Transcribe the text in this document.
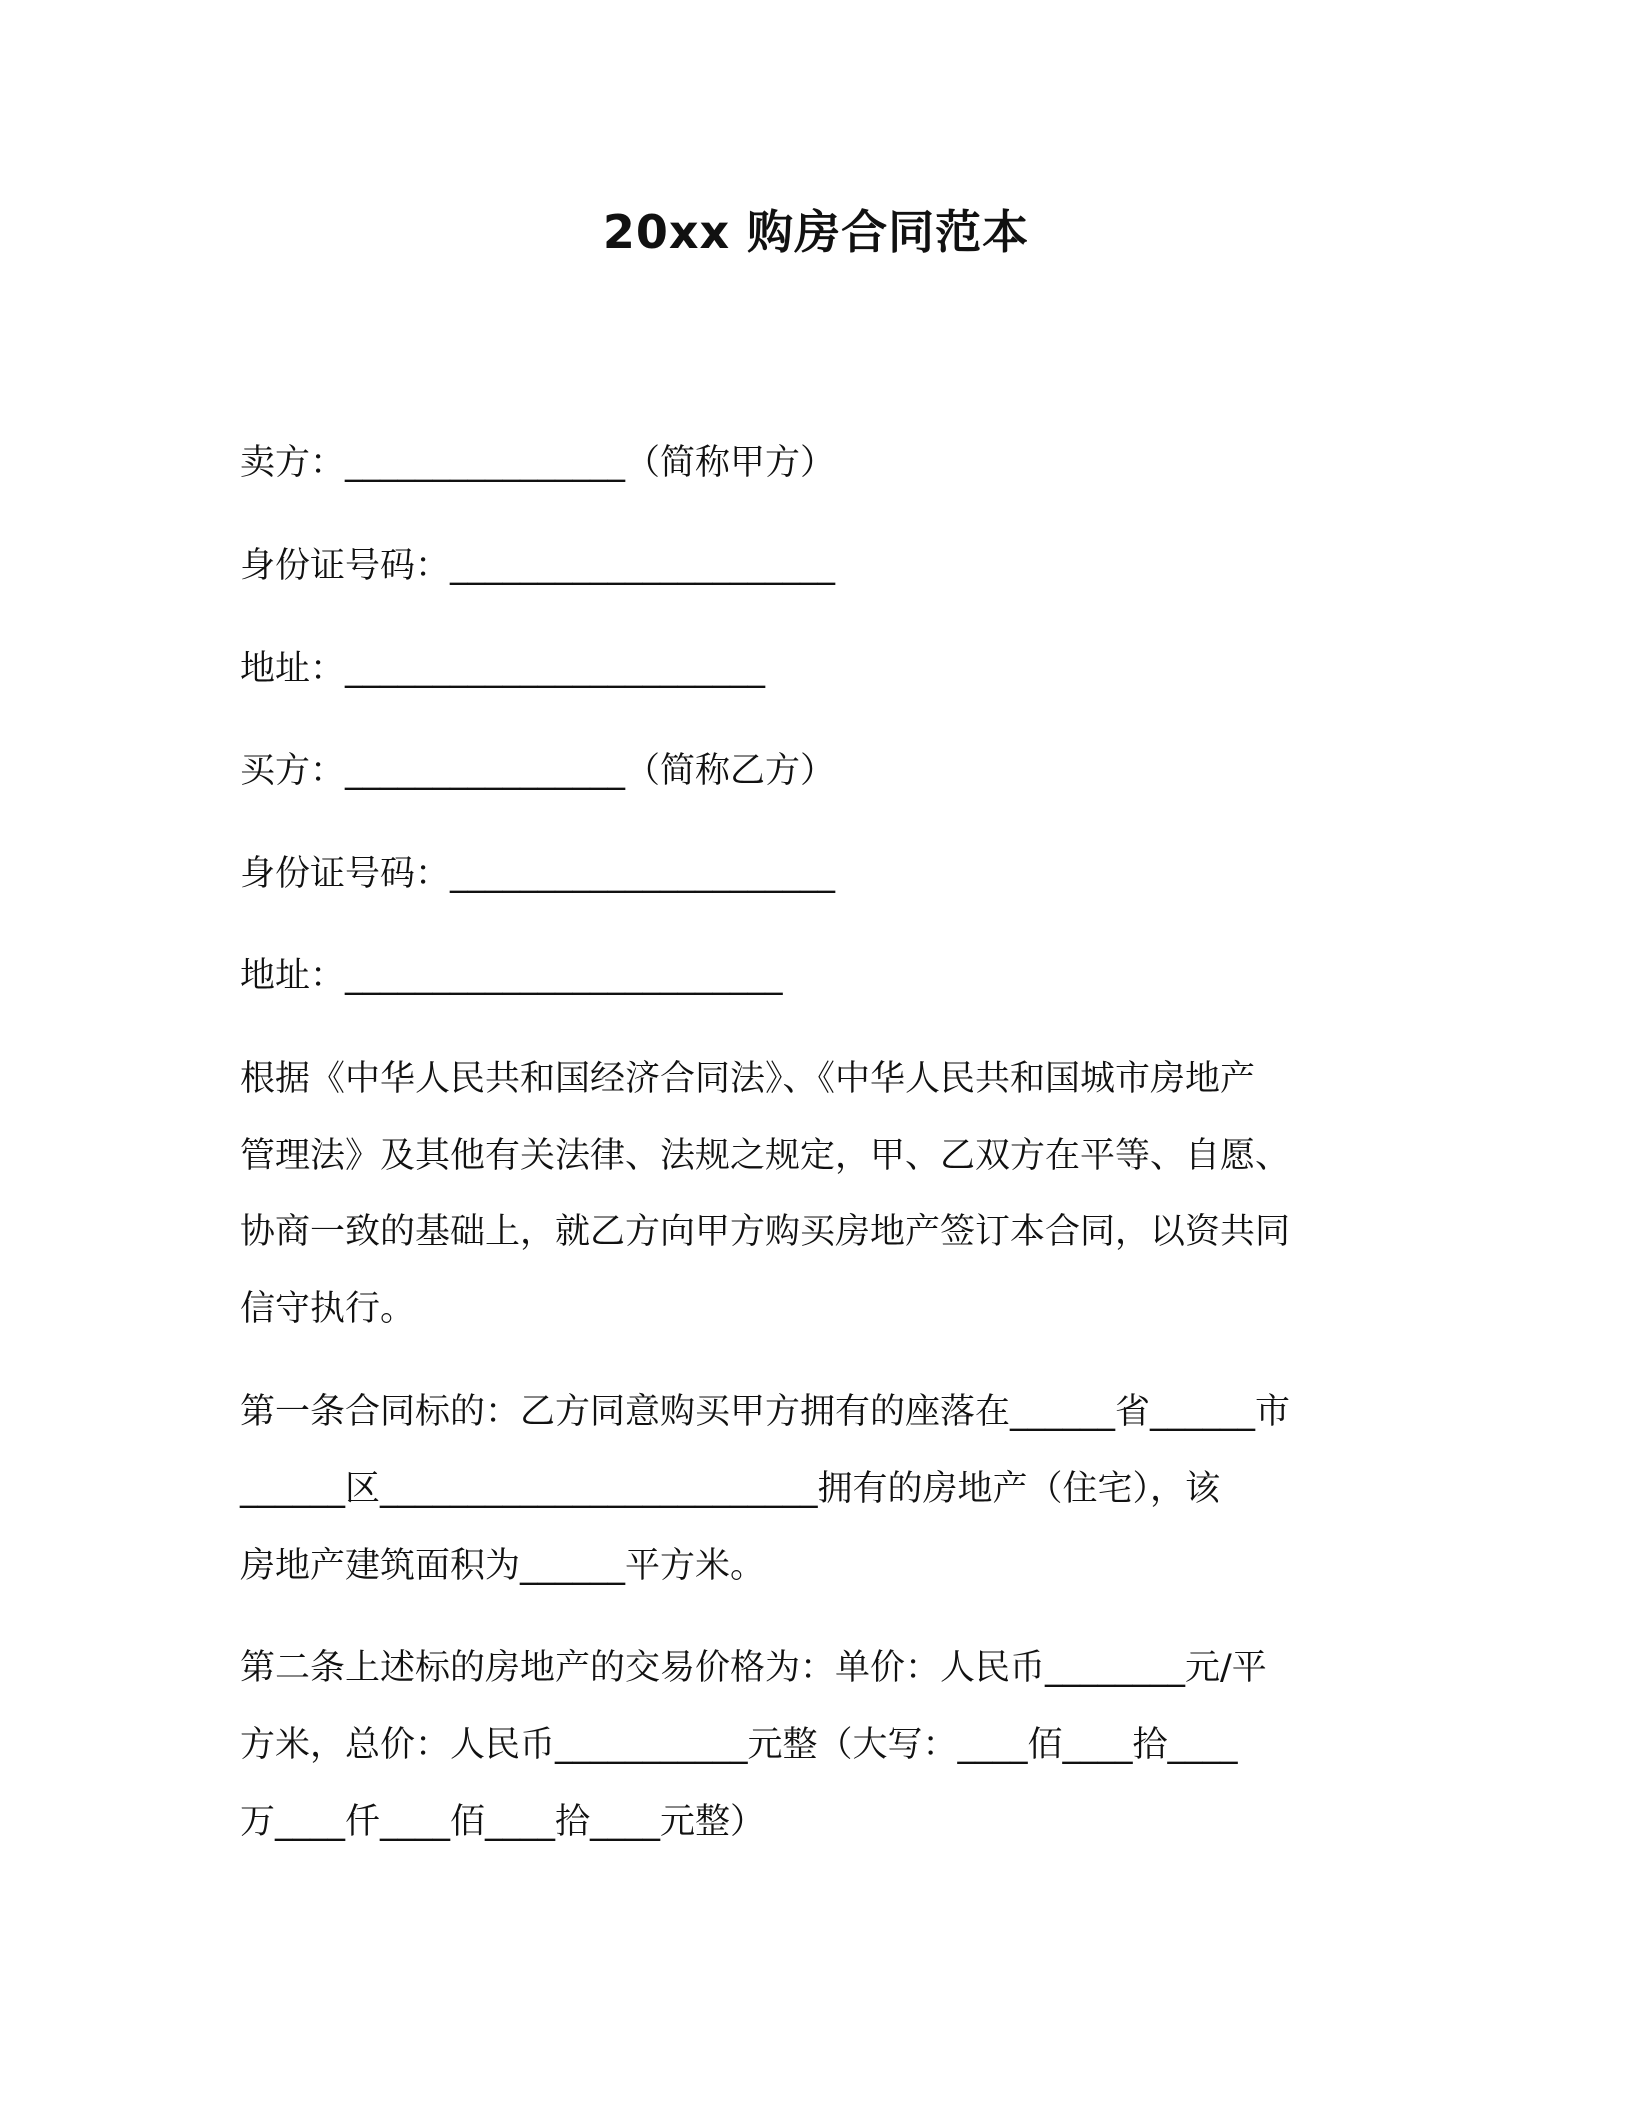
20xx 购房合同范本
卖方：________________（简称甲方）
身份证号码：______________________
地址：________________________
买方：________________（简称乙方）
身份证号码：______________________
地址：_________________________
根据《中华人民共和国经济合同法》、《中华人民共和国城市房地产
管理法》及其他有关法律、法规之规定，甲、乙双方在平等、自愿、
协商一致的基础上，就乙方向甲方购买房地产签订本合同，以资共同
信守执行。
第一条合同标的：乙方同意购买甲方拥有的座落在______省______市
______区_________________________拥有的房地产（住宅），该
房地产建筑面积为______平方米。
第二条上述标的房地产的交易价格为：单价：人民币________元/平
方米，总价：人民币___________元整（大写：____佰____拾____
万____仟____佰____拾____元整）
